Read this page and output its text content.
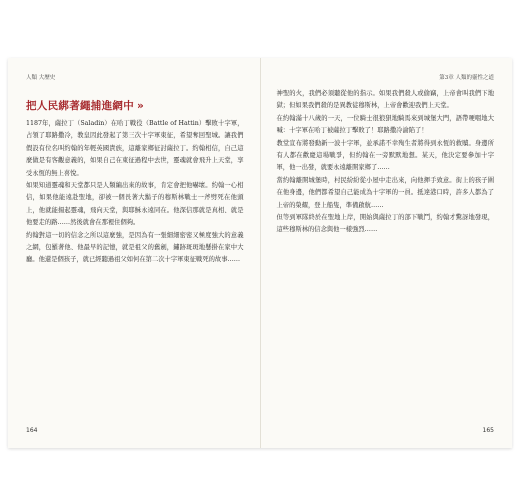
人類 大歷史
把人民綁著繩捕進網中 »
1187年，薩拉丁（Saladin）在哈丁戰役（Battle of Hattin）擊敗十字軍，占領了耶路撒冷，教皇因此發起了第三次十字軍東征，希望奪回聖城。讓我們假設有位名叫約翰的年輕英國貴族，這離家鄉征討薩拉丁。約翰相信，自己這麼做是有客觀意義的，如果自己在東征過程中去世，靈魂就會飛升上天堂，享受永恆的無上喜悅。
如果知道靈魂和天堂都只是人類編出來的故事，肯定會把他嚇壞。約翰一心相信，如果他能遠赴聖地，卻被一個長著大鬍子的穆斯林戰士一斧劈死在他頭上，他就能揚起靈魂，飛向天堂，與耶穌永遠同在。他深信那就是真相、就是他要走的路……然後就會在那裡住個夠。
約翰對這一切的信念之所以這麼強，是因為有一張細細密密又極度強大的意義之網，包羅著他、他最早的記憶，就是祖父的舊劍，鏽跡斑斑地懸掛在家中大廳。他還是個孩子，就已經聽過祖父如何在第二次十字軍東征戰死的故事……
164
第3章 人類的靈性之道
神聖的火，我們必須聽從他的指示。如果我們殺人或偷竊，上帝會叫我們下地獄；但如果我們殺的是異教徒穆斯林，上帝會歡迎我們上天堂。
在約翰滿十八歲的一天，一位騎士很狼狽地騎馬來到城堡大門，語帶哽咽地大喊：十字軍在哈丁被薩拉丁擊敗了！耶路撒冷淪陷了！
教堂宣布將發動新一波十字軍，並承諾不幸殉生者將得到永恆的救贖。身邊所有人都在歡慶這場戰爭，但約翰在一旁默默地想。某天，他決定要參加十字軍，他一出發，就要永遠離開家鄉了……
當約翰離開城堡時，村民紛紛從小屋中走出來，向他揮手致意。街上的孩子圍在他身邊，他們都希望自己能成為十字軍的一員。抵達港口時，許多人都為了上帝的榮耀，登上船隻，準備啟航……
但等到軍隊終於在聖地上岸，開始與薩拉丁的部下戰鬥，約翰才驚訝地發現，這些穆斯林的信念與他一樣強烈……
165
